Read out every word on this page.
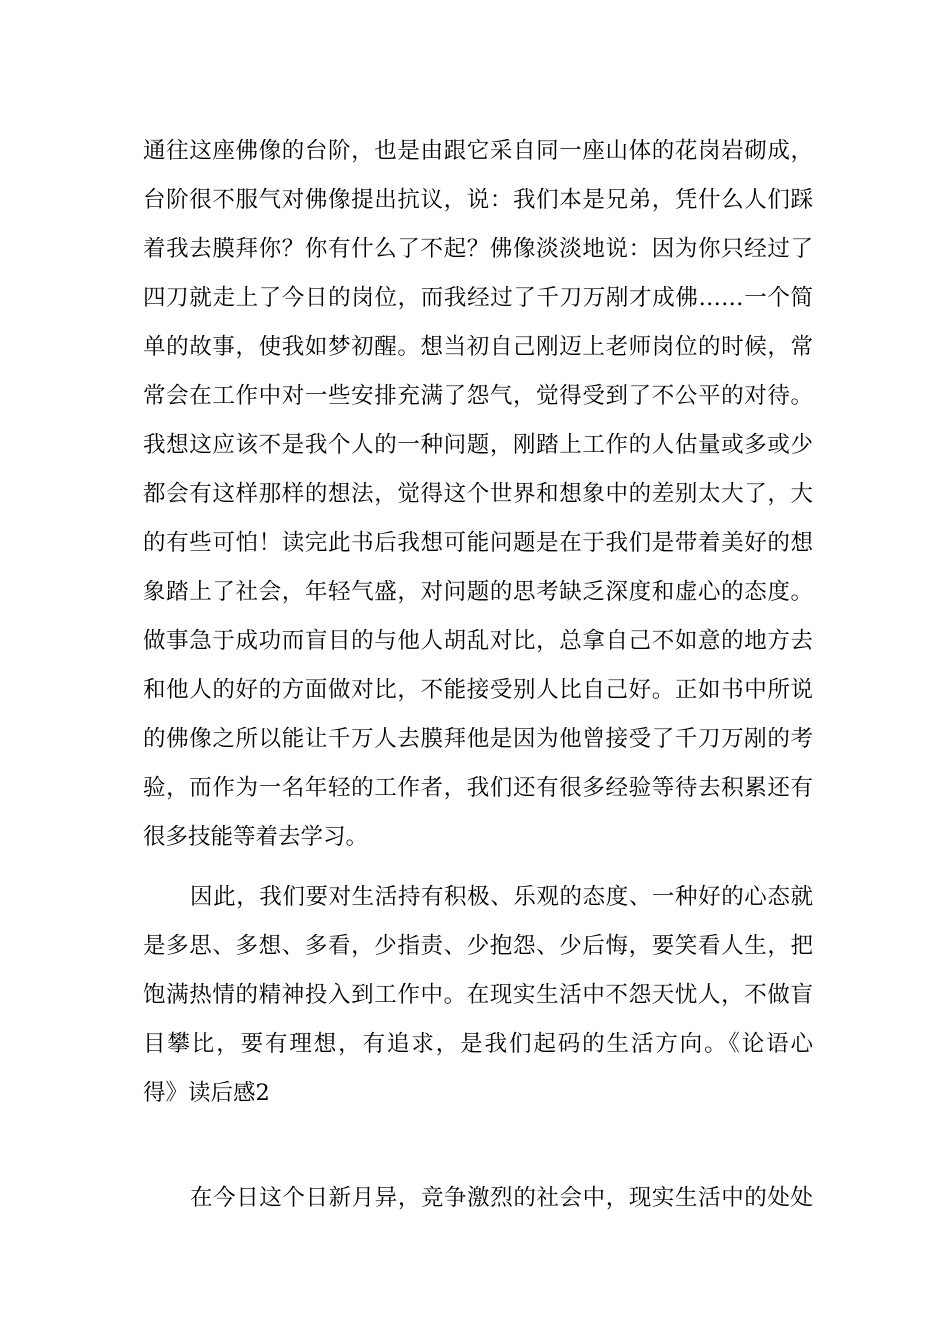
通往这座佛像的台阶，也是由跟它采自同一座山体的花岗岩砌成，
台阶很不服气对佛像提出抗议，说：我们本是兄弟，凭什么人们踩
着我去膜拜你？你有什么了不起？佛像淡淡地说：因为你只经过了
四刀就走上了今日的岗位，而我经过了千刀万剐才成佛……一个简
单的故事，使我如梦初醒。想当初自己刚迈上老师岗位的时候，常
常会在工作中对一些安排充满了怨气，觉得受到了不公平的对待。
我想这应该不是我个人的一种问题，刚踏上工作的人估量或多或少
都会有这样那样的想法，觉得这个世界和想象中的差别太大了，大
的有些可怕！读完此书后我想可能问题是在于我们是带着美好的想
象踏上了社会，年轻气盛，对问题的思考缺乏深度和虚心的态度。
做事急于成功而盲目的与他人胡乱对比，总拿自己不如意的地方去
和他人的好的方面做对比，不能接受别人比自己好。正如书中所说
的佛像之所以能让千万人去膜拜他是因为他曾接受了千刀万剐的考
验，而作为一名年轻的工作者，我们还有很多经验等待去积累还有
很多技能等着去学习。
因此，我们要对生活持有积极、乐观的态度、一种好的心态就
是多思、多想、多看，少指责、少抱怨、少后悔，要笑看人生，把
饱满热情的精神投入到工作中。在现实生活中不怨天忧人，不做盲
目攀比，要有理想，有追求，是我们起码的生活方向。《论语心
得》读后感2
在今日这个日新月异，竞争激烈的社会中，现实生活中的处处
